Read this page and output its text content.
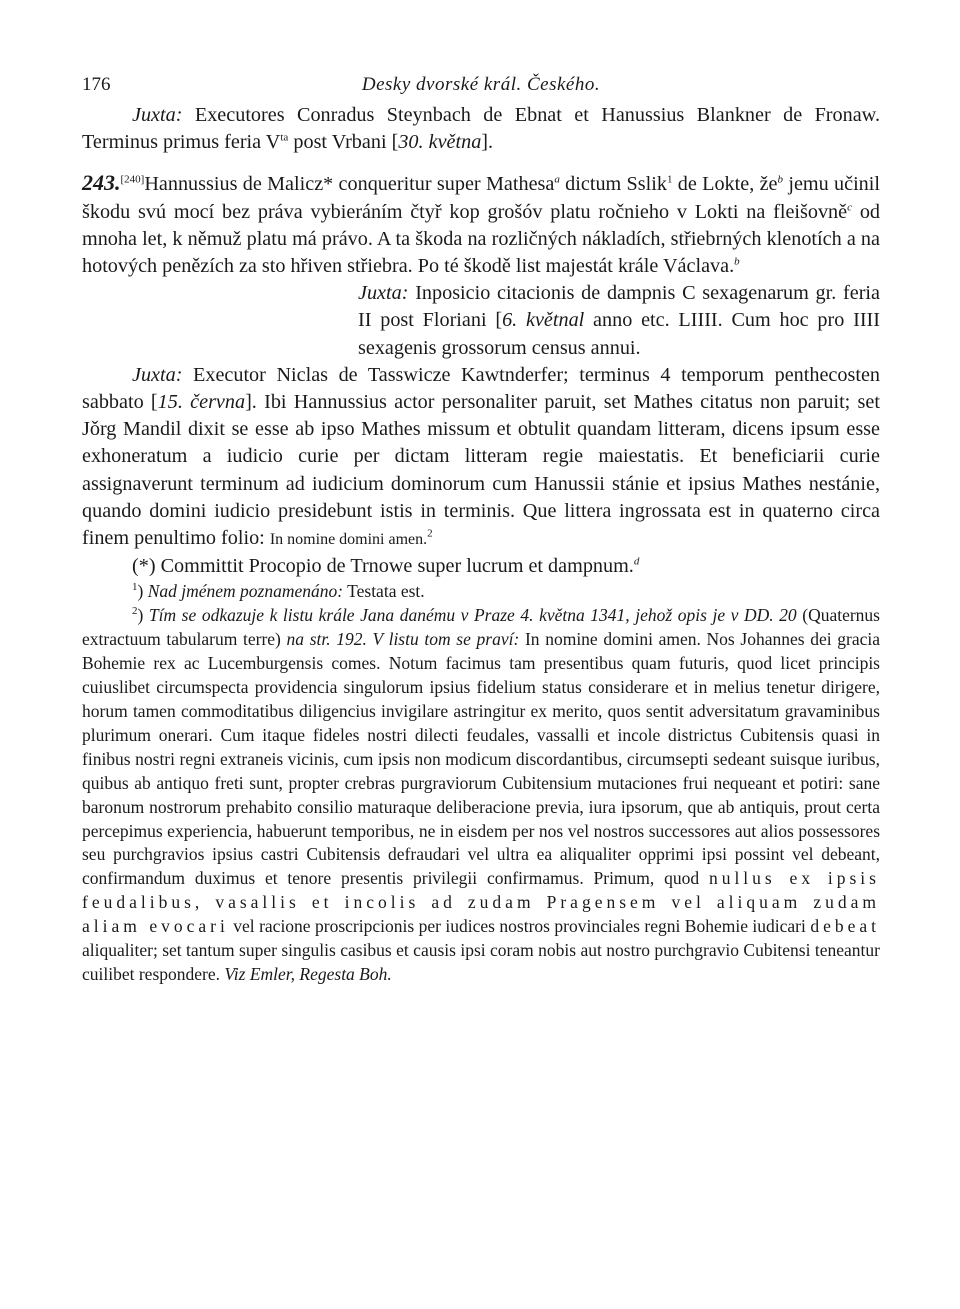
176	Desky dvorské král. Českého.

Juxta: Executores Conradus Steynbach de Ebnat et Hanussius Blankner de Fronaw. Terminus primus feria $V^{ta}$ post Vrbani [30. května].

243.[240]Hannussius de Malicz* conqueritur super Mathesa$^a$ dictum Sslik$^1$ de Lokte, $že^b$ jemu učinil škodu svú mocí bez práva vybieráním čtyř kop grošóv platu ročnieho v Lokti na fleišovně$^c$ od mnoha let, k němuž platu má právo. A ta škoda na rozličných nákladích, střiebrných klenotích a na hotových penězích za sto hřiven střiebra. Po té škodě list majestát krále Václava.$^b$

Juxta: Inposicio citacionis de dampnis C sexagenarum gr. feria II post Floriani [6. květnal anno etc. LIIII. Cum hoc pro IIII sexagenis grossorum census annui.

Juxta: Executor Niclas de Tasswicze Kawtnderfer; terminus 4 temporum penthecosten sabbato [15. června]. Ibi Hannussius actor personaliter paruit, set Mathes citatus non paruit; set Jǒrg Mandil dixit se esse ab ipso Mathes missum et obtulit quandam litteram, dicens ipsum esse exhoneratum a iudicio curie per dictam litteram regie maiestatis. Et beneficiarii curie assignaverunt terminum ad iudicium dominorum cum Hanussii stánie et ipsius Mathes nestánie, quando domini iudicio presidebunt istis in terminis. Que littera ingrossata est in quaterno circa finem penultimo folio: In nomine domini amen.$^2$

(*) Committit Procopio de Trnowe super lucrum et dampnum.$^d$

$^1$) Nad jménem poznamenáno: Testata est.

$^2$) Tím se odkazuje k listu krále Jana danému v Praze 4. května 1341, jehož opis je v DD. 20 (Quaternus extractuum tabularum terre) na str. 192. V listu tom se praví: In nomine domini amen. Nos Johannes dei gracia Bohemie rex ac Lucemburgensis comes. Notum facimus tam presentibus quam futuris, quod licet principis cuiuslibet circumspecta providencia singulorum ipsius fidelium status considerare et in melius tenetur dirigere, horum tamen commoditatibus diligencius invigilare astringitur ex merito, quos sentit adversitatum gravaminibus plurimum onerari. Cum itaque fideles nostri dilecti feudales, vassalli et incole districtus Cubitensis quasi in finibus nostri regni extraneis vicinis, cum ipsis non modicum discordantibus, circumsepti sedeant suisque iuribus, quibus ab antiquo freti sunt, propter crebras purgraviorum Cubitensium mutaciones frui nequeant et potiri: sane baronum nostrorum prehabito consilio maturaque deliberacione previa, iura ipsorum, que ab antiquis, prout certa percepimus experiencia, habuerunt temporibus, ne in eisdem per nos vel nostros successores aut alios possessores seu purchgravios ipsius castri Cubitensis defraudari vel ultra ea aliqualiter opprimi ipsi possint vel debeant, confirmandum duximus et tenore presentis privilegii confirmamus. Primum, quod nullus ex ipsis feudalibus, vasallis et incolis ad zudam Pragensem vel aliquam zudam aliam evocari vel racione proscripcionis per iudices nostros provinciales regni Bohemie iudicari debeat aliqualiter; set tantum super singulis casibus et causis ipsi coram nobis aut nostro purchgravio Cubitensi teneantur cuilibet respondere. Viz Emler, Regesta Boh.
